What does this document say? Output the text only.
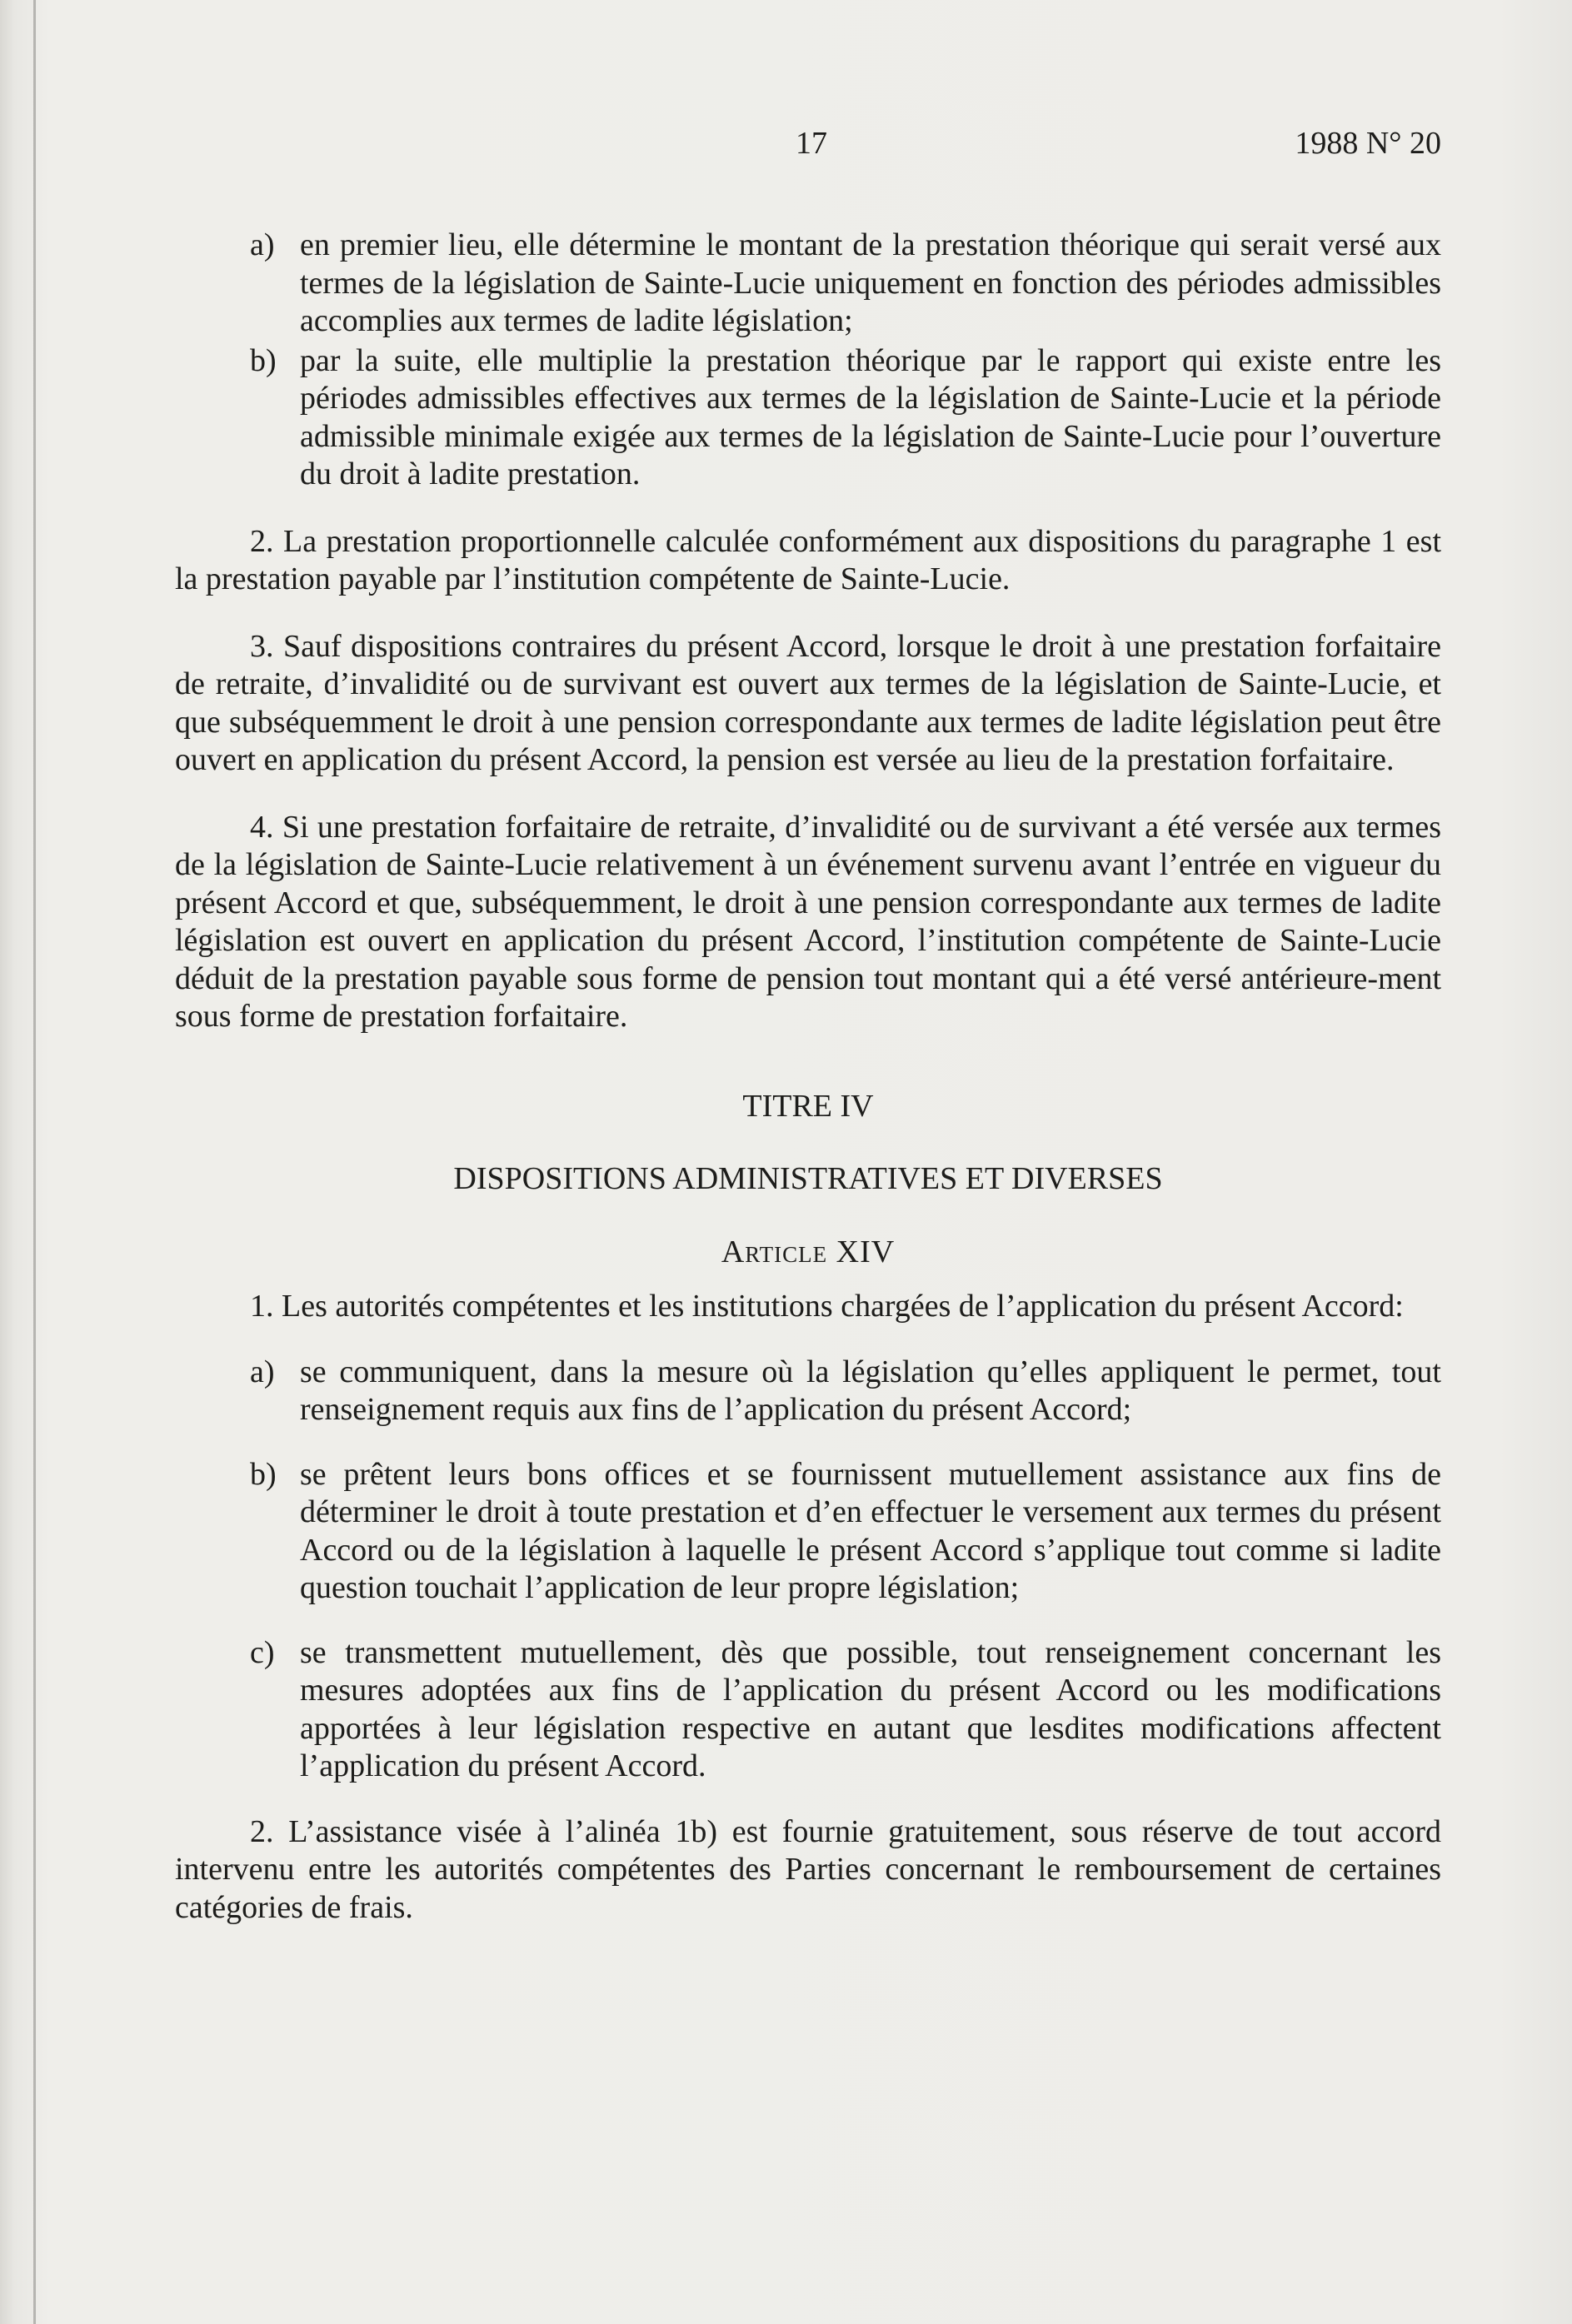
17	1988 N° 20
a) en premier lieu, elle détermine le montant de la prestation théorique qui serait versé aux termes de la législation de Sainte-Lucie uniquement en fonction des périodes admissibles accomplies aux termes de ladite législation;
b) par la suite, elle multiplie la prestation théorique par le rapport qui existe entre les périodes admissibles effectives aux termes de la législation de Sainte-Lucie et la période admissible minimale exigée aux termes de la législation de Sainte-Lucie pour l’ouverture du droit à ladite prestation.

2. La prestation proportionnelle calculée conformément aux dispositions du paragraphe 1 est la prestation payable par l’institution compétente de Sainte-Lucie.

3. Sauf dispositions contraires du présent Accord, lorsque le droit à une prestation forfaitaire de retraite, d’invalidité ou de survivant est ouvert aux termes de la législation de Sainte-Lucie, et que subséquemment le droit à une pension correspondante aux termes de ladite législation peut être ouvert en application du présent Accord, la pension est versée au lieu de la prestation forfaitaire.

4. Si une prestation forfaitaire de retraite, d’invalidité ou de survivant a été versée aux termes de la législation de Sainte-Lucie relativement à un événement survenu avant l’entrée en vigueur du présent Accord et que, subséquemment, le droit à une pension correspondante aux termes de ladite législation est ouvert en application du présent Accord, l’institution compétente de Sainte-Lucie déduit de la prestation payable sous forme de pension tout montant qui a été versé antérieure-ment sous forme de prestation forfaitaire.

TITRE IV

DISPOSITIONS ADMINISTRATIVES ET DIVERSES

Article XIV

1. Les autorités compétentes et les institutions chargées de l’application du présent Accord:

a) se communiquent, dans la mesure où la législation qu’elles appliquent le permet, tout renseignement requis aux fins de l’application du présent Accord;
b) se prêtent leurs bons offices et se fournissent mutuellement assistance aux fins de déterminer le droit à toute prestation et d’en effectuer le versement aux termes du présent Accord ou de la législation à laquelle le présent Accord s’applique tout comme si ladite question touchait l’application de leur propre législation;
c) se transmettent mutuellement, dès que possible, tout renseignement concernant les mesures adoptées aux fins de l’application du présent Accord ou les modifications apportées à leur législation respective en autant que lesdites modifications affectent l’application du présent Accord.

2. L’assistance visée à l’alinéa 1b) est fournie gratuitement, sous réserve de tout accord intervenu entre les autorités compétentes des Parties concernant le remboursement de certaines catégories de frais.
